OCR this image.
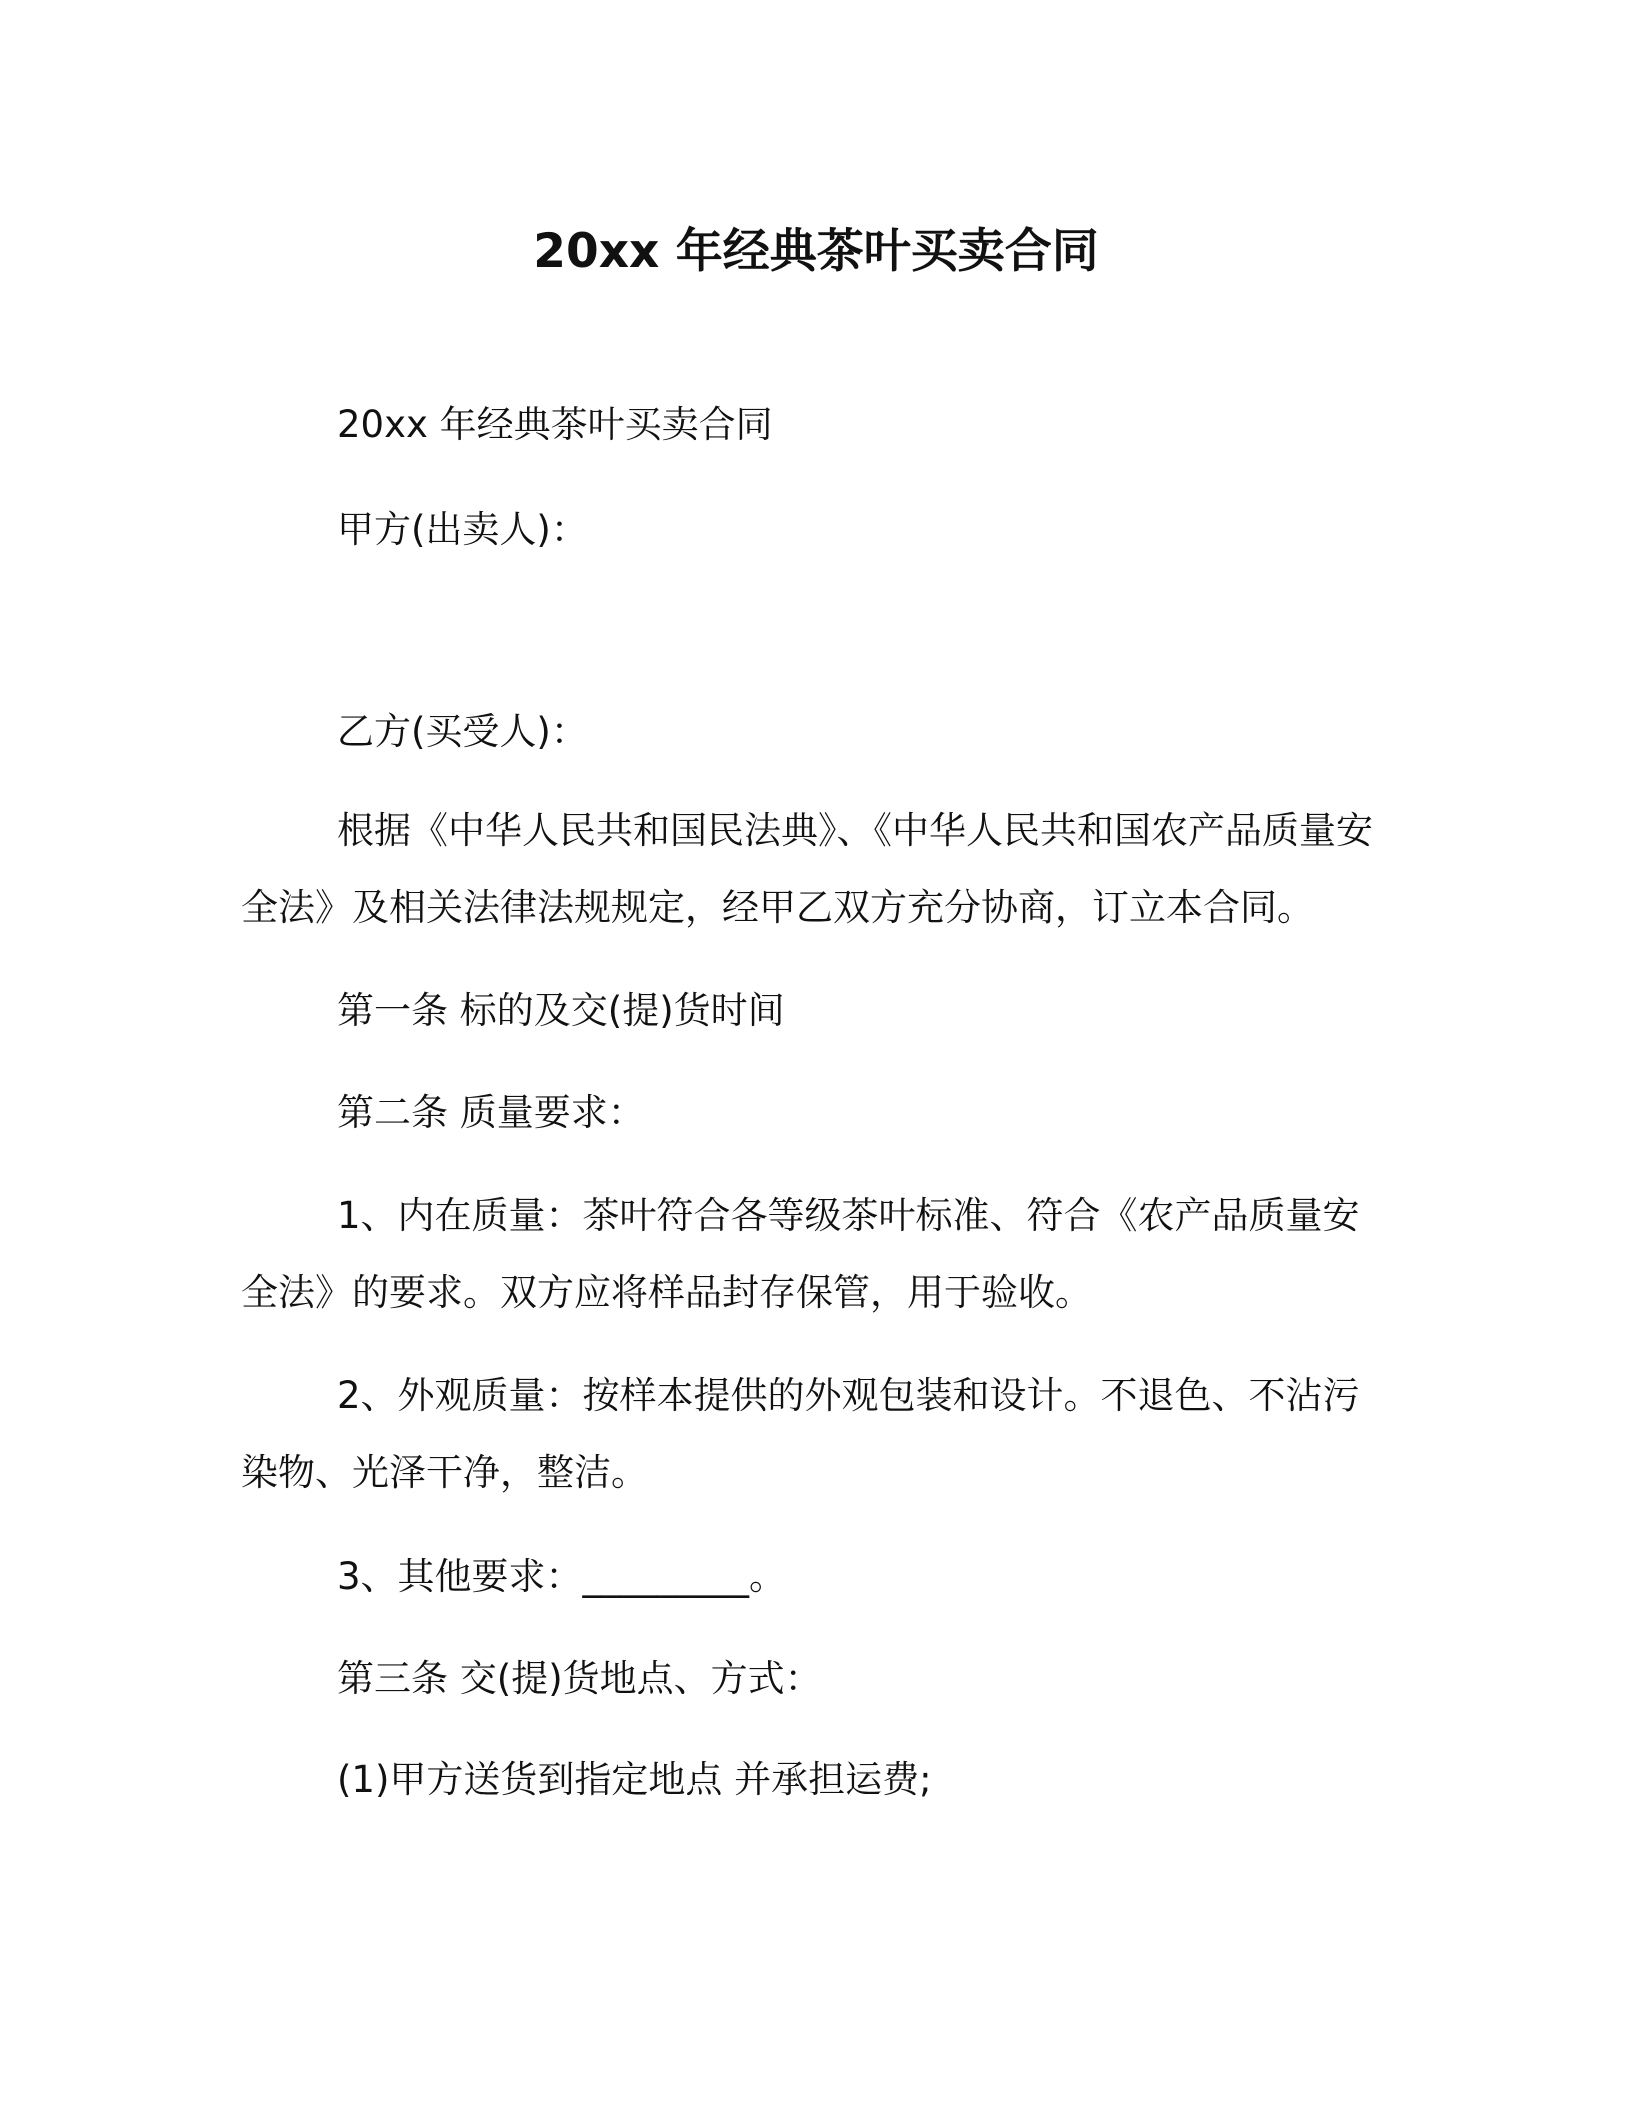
20xx 年经典茶叶买卖合同
20xx 年经典茶叶买卖合同
甲方(出卖人)：
乙方(买受人)：
根据《中华人民共和国民法典》、《中华人民共和国农产品质量安全法》及相关法律法规规定，经甲乙双方充分协商，订立本合同。
第一条 标的及交(提)货时间
第二条 质量要求：
1、内在质量：茶叶符合各等级茶叶标准、符合《农产品质量安全法》的要求。双方应将样品封存保管，用于验收。
2、外观质量：按样本提供的外观包装和设计。不退色、不沾污染物、光泽干净，整洁。
3、其他要求：_________。
第三条 交(提)货地点、方式：
(1)甲方送货到指定地点 并承担运费;
